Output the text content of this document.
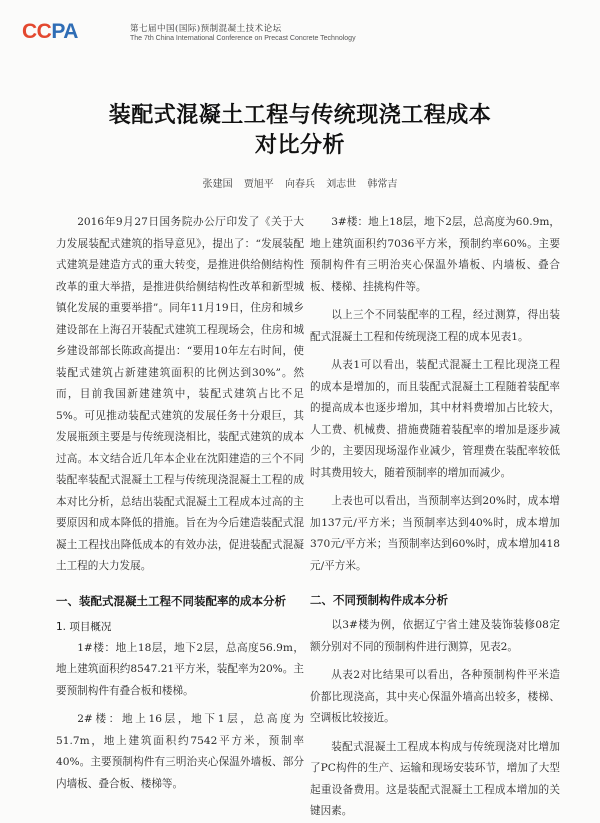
CCPA	第七届中国(国际)预制混凝土技术论坛
The 7th China International Conference on Precast Concrete Technology
装配式混凝土工程与传统现浇工程成本
对比分析
张建国 贾旭平 向春兵 刘志世 韩常吉

2016年9月27日国务院办公厅印发了《关于大力发展装配式建筑的指导意见》，提出了：“发展装配式建筑是建造方式的重大转变，是推进供给侧结构性改革的重大举措，是推进供给侧结构性改革和新型城镇化发展的重要举措”。同年11月19日，住房和城乡建设部在上海召开装配式建筑工程现场会，住房和城乡建设部部长陈政高提出：“要用10年左右时间，使装配式建筑占新建建筑面积的比例达到30%”。然而，目前我国新建建筑中，装配式建筑占比不足5%。可见推动装配式建筑的发展任务十分艰巨，其发展瓶颈主要是与传统现浇相比，装配式建筑的成本过高。本文结合近几年本企业在沈阳建造的三个不同装配率装配式混凝土工程与传统现浇混凝土工程的成本对比分析，总结出装配式混凝土工程成本过高的主要原因和成本降低的措施。旨在为今后建造装配式混凝土工程找出降低成本的有效办法，促进装配式混凝土工程的大力发展。

一、装配式混凝土工程不同装配率的成本分析
1. 项目概况

1#楼：地上18层，地下2层，总高度56.9m，地上建筑面积约8547.21平方米，装配率为20%。主要预制构件有叠合板和楼梯。

2#楼：地上16层，地下1层，总高度为51.7m，地上建筑面积约7542平方米，预制率40%。主要预制构件有三明治夹心保温外墙板、部分内墙板、叠合板、楼梯等。

3#楼：地上18层，地下2层，总高度为60.9m，地上建筑面积约7036平方米，预制约率60%。主要预制构件有三明治夹心保温外墙板、内墙板、叠合板、楼梯、挂挑构件等。

以上三个不同装配率的工程，经过测算，得出装配式混凝土工程和传统现浇工程的成本见表1。

从表1可以看出，装配式混凝土工程比现浇工程的成本是增加的，而且装配式混凝土工程随着装配率的提高成本也逐步增加，其中材料费增加占比较大，人工费、机械费、措施费随着装配率的增加是逐步减少的，主要因现场湿作业减少，管理费在装配率较低时其费用较大，随着预制率的增加而减少。

上表也可以看出，当预制率达到20%时，成本增加137元/平方米；当预制率达到40%时，成本增加370元/平方米；当预制率达到60%时，成本增加418元/平方米。

二、不同预制构件成本分析

以3#楼为例，依据辽宁省土建及装饰装修08定额分别对不同的预制构件进行测算，见表2。

从表2对比结果可以看出，各种预制构件平米造价都比现浇高，其中夹心保温外墙高出较多，楼梯、空调板比较接近。

装配式混凝土工程成本构成与传统现浇对比增加了PC构件的生产、运输和现场安装环节，增加了大型起重设备费用。这是装配式混凝土工程成本增加的关键因素。
